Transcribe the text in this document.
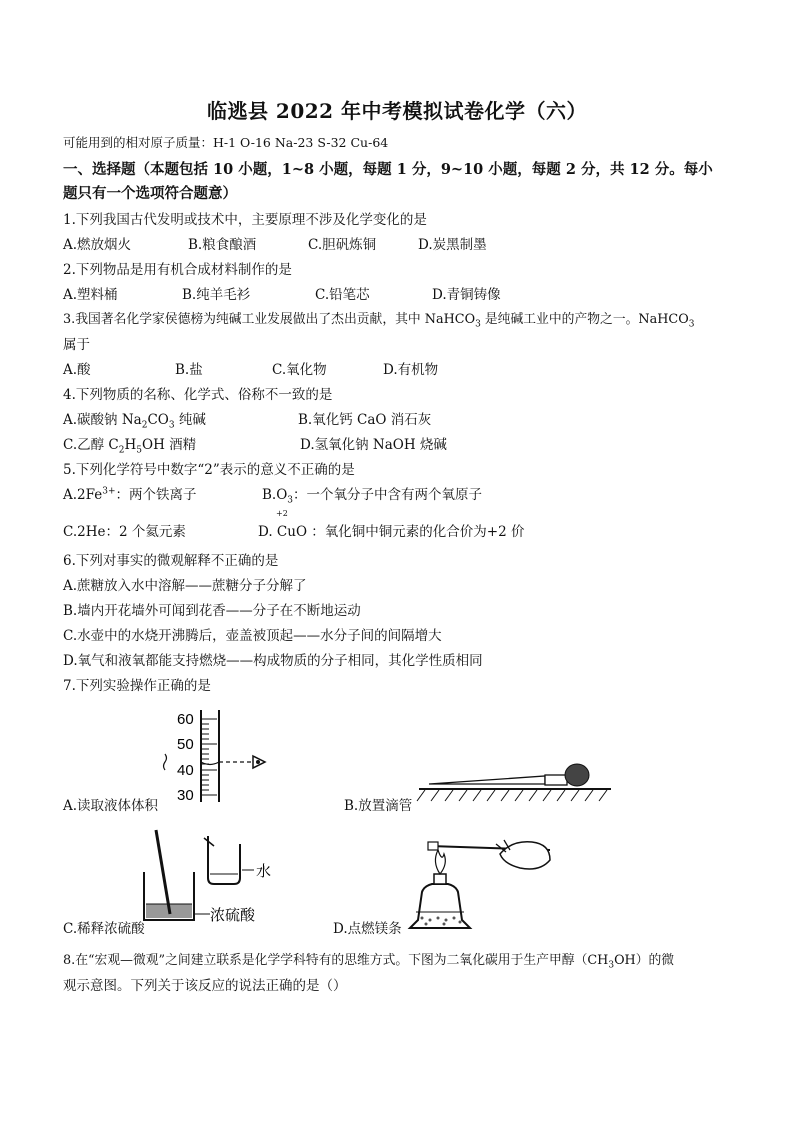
临逃县 2022 年中考模拟试卷化学（六）
可能用到的相对原子质量：H-1 O-16 Na-23 S-32 Cu-64
一、选择题（本题包括 10 小题，1~8 小题，每题 1 分，9~10 小题，每题 2 分，共 12 分。每小
题只有一个选项符合题意）
1.下列我国古代发明或技术中，主要原理不涉及化学变化的是
A.燃放烟火	B.粮食酿酒	C.胆矾炼铜	D.炭黑制墨
2.下列物品是用有机合成材料制作的是
A.塑料桶	B.纯羊毛衫	C.铅笔芯	D.青铜铸像
3.我国著名化学家侯德榜为纯碱工业发展做出了杰出贡献，其中 NaHCO$_3$ 是纯碱工业中的产物之一。NaHCO$_3$
属于
A.酸	B.盐	C.氧化物	D.有机物
4.下列物质的名称、化学式、俗称不一致的是
A.碳酸钠 $Na_2CO_3$ 纯碱	B.氧化钙 CaO 消石灰
C.乙醇 $C_2H_5OH$ 酒精	D.氢氧化钠 NaOH 烧碱
5.下列化学符号中数字“2”表示的意义不正确的是
$A.2Fe^{3+}$：两个铁离子	$B.O_3$：一个氧分子中含有两个氧原子
C.2He：2 个氦元素
+2
D. CuO ：氧化铜中铜元素的化合价为+2 价
6.下列对事实的微观解释不正确的是
A.蔗糖放入水中溶解——蔗糖分子分解了
B.墙内开花墙外可闻到花香——分子在不断地运动
C.水壶中的水烧开沸腾后，壶盖被顶起——水分子间的间隔增大
D.氧气和液氧都能支持燃烧——构成物质的分子相同，其化学性质相同
7.下列实验操作正确的是
60
50
40
30
A.读取液体体积	B.放置滴管
水
浓硫酸
C.稀释浓硫酸	D.点燃镁条
8.在“宏观—微观”之间建立联系是化学学科特有的思维方式。下图为二氧化碳用于生产甲醇$(CH_3OH)$的微
观示意图。下列关于该反应的说法正确的是（）
